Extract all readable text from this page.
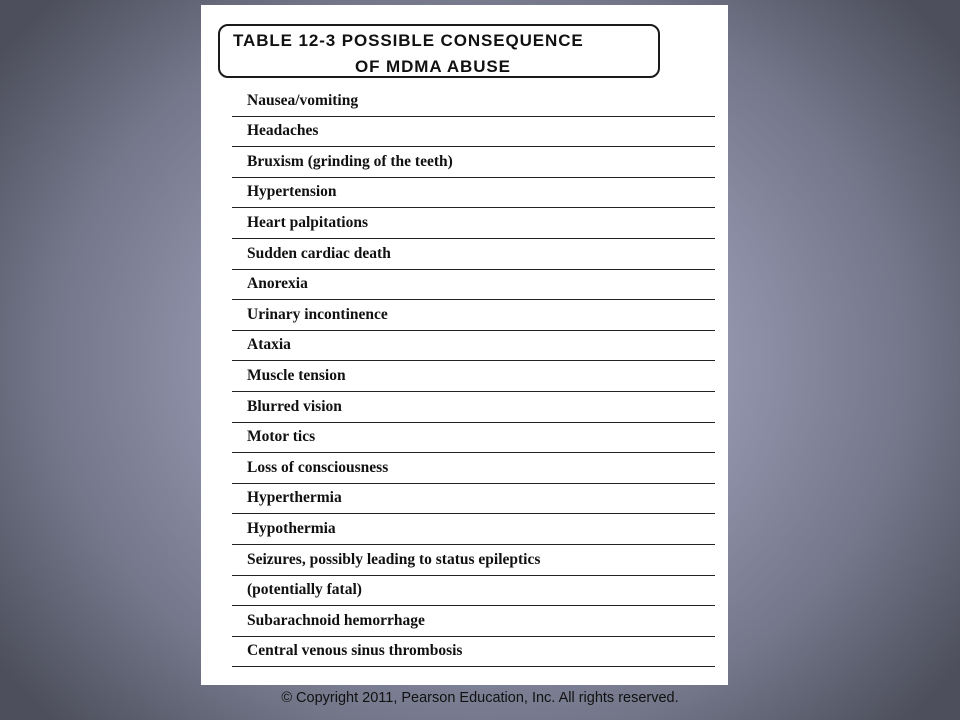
TABLE 12-3 POSSIBLE CONSEQUENCE
OF MDMA ABUSE
Nausea/vomiting
Headaches
Bruxism (grinding of the teeth)
Hypertension
Heart palpitations
Sudden cardiac death
Anorexia
Urinary incontinence
Ataxia
Muscle tension
Blurred vision
Motor tics
Loss of consciousness
Hyperthermia
Hypothermia
Seizures, possibly leading to status epileptics
(potentially fatal)
Subarachnoid hemorrhage
Central venous sinus thrombosis
© Copyright 2011, Pearson Education, Inc. All rights reserved.
